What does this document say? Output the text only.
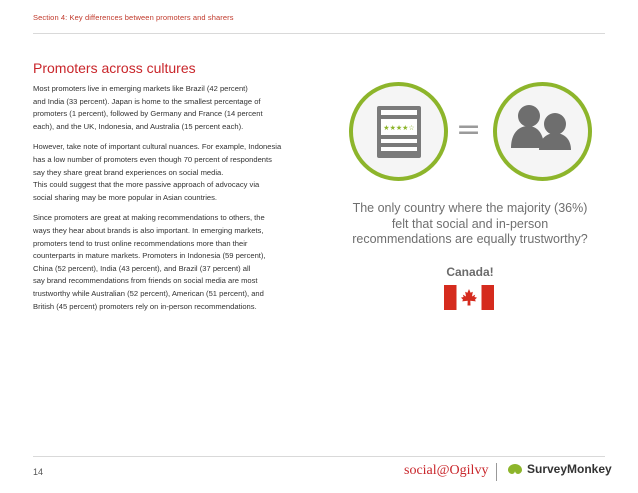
Section 4: Key differences between promoters and sharers
Promoters across cultures

Most promoters live in emerging markets like Brazil (42 percent)
and India (33 percent). Japan is home to the smallest percentage of
promoters (1 percent), followed by Germany and France (14 percent
each), and the UK, Indonesia, and Australia (15 percent each).

However, take note of important cultural nuances. For example, Indonesia
has a low number of promoters even though 70 percent of respondents
say they share great brand experiences on social media.
This could suggest that the more passive approach of advocacy via
social sharing may be more popular in Asian countries.

Since promoters are great at making recommendations to others, the
ways they hear about brands is also important. In emerging markets,
promoters tend to trust online recommendations more than their
counterparts in mature markets. Promoters in Indonesia (59 percent),
China (52 percent), India (43 percent), and Brazil (37 percent) all
say brand recommendations from friends on social media are most
trustworthy while Australian (52 percent), American (51 percent), and
British (45 percent) promoters rely on in-person recommendations.

★★★★☆ =
The only country where the majority (36%) felt that social and in-person recommendations are equally trustworthy?
Canada!
14	social@Ogilvy	SurveyMonkey
